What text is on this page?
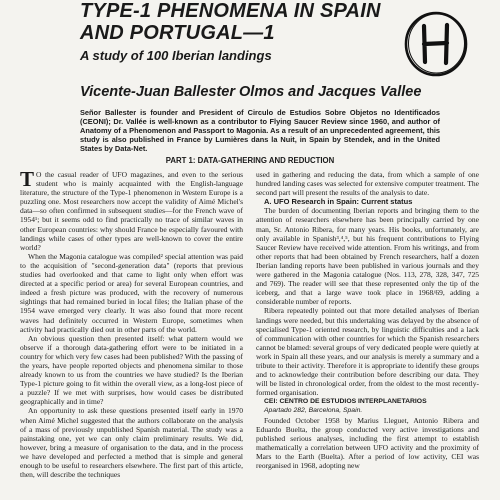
TYPE-1 PHENOMENA IN SPAIN AND PORTUGAL—1
A study of 100 Iberian landings
Vicente-Juan Ballester Olmos and Jacques Vallee

Señor Ballester is founder and President of Circulo de Estudios Sobre Objetos no Identificados (CEONI); Dr. Vallée is well-known as a contributor to Flying Saucer Review since 1960, and author of Anatomy of a Phenomenon and Passport to Magonia. As a result of an unprecedented agreement, this study is also published in France by Lumières dans la Nuit, in Spain by Stendek, and in the United States by Data-Net.

PART 1: DATA-GATHERING AND REDUCTION

T O the casual reader of UFO magazines, and even to the serious student who is mainly acquainted with the English-language literature, the structure of the Type-1 phenomenon in Western Europe is a puzzling one. Most researchers now accept the validity of Aimé Michel's data—so often confirmed in subsequent studies—for the French wave of 1954¹; but it seems odd to find practically no trace of similar waves in other European countries: why should France be especially favoured with landings while cases of other types are well-known to cover the entire world?

When the Magonia catalogue was compiled² special attention was paid to the acquisition of "second-generation data" (reports that previous studies had overlooked and that came to light only when effort was directed at a specific period or area) for several European countries, and indeed a fresh picture was produced, with the recovery of numerous sightings that had remained buried in local files; the Italian phase of the 1954 wave emerged very clearly. It was also found that more recent waves had definitely occurred in Western Europe, sometimes when activity had practically died out in other parts of the world.

An obvious question then presented itself: what pattern would we observe if a thorough data-gathering effort were to be initiated in a country for which very few cases had been published? With the passing of the years, have people reported objects and phenomena similar to those already known to us from the countries we have studied? Is the Iberian Type-1 picture going to fit within the overall view, as a long-lost piece of a puzzle? If we met with surprises, how would cases be distributed geographically and in time?

An opportunity to ask these questions presented itself early in 1970 when Aimé Michel suggested that the authors collaborate on the analysis of a mass of previously unpublished Spanish material. The study was a painstaking one, yet we can only claim preliminary results. We did, however, bring a measure of organisation to the data, and in the process we have developed and perfected a method that is simple and general enough to be useful to researchers elsewhere. The first part of this article, then, will describe the techniques

used in gathering and reducing the data, from which a sample of one hundred landing cases was selected for extensive computer treatment. The second part will present the results of the analysis to date.

A. UFO Research in Spain: Current status

The burden of documenting Iberian reports and bringing them to the attention of researchers elsewhere has been principally carried by one man, Sr. Antonio Ribera, for many years. His books, unfortunately, are only available in Spanish³,⁴,⁵, but his frequent contributions to Flying Saucer Review have received wide attention. From his writings, and from other reports that had been obtained by French researchers, half a dozen Iberian landing reports have been published in various journals and they were gathered in the Magonia catalogue (Nos. 113, 278, 328, 347, 725 and 769). The reader will see that these represented only the tip of the iceberg, and that a large wave took place in 1968/69, adding a considerable number of reports.

Ribera repeatedly pointed out that more detailed analyses of Iberian landings were needed, but this undertaking was delayed by the absence of specialised Type-1 oriented research, by linguistic difficulties and a lack of communication with other countries for which the Spanish researchers cannot be blamed: several groups of very dedicated people were quietly at work in Spain all these years, and our analysis is merely a summary and a tribute to their activity. Therefore it is appropriate to identify these groups and to acknowledge their contribution before describing our data. They will be listed in chronological order, from the oldest to the most recently-formed organisation.

CEI: CENTRO DE ESTUDIOS INTERPLANETARIOS

Apartado 282, Barcelona, Spain.

Founded October 1958 by Marius Lleguet, Antonio Ribera and Eduardo Buelta, the group conducted very active investigations and published serious analyses, including the first attempt to establish mathematically a correlation between UFO activity and the proximity of Mars to the Earth (Buelta). After a period of low activity, CEI was reorganised in 1968, adopting new
